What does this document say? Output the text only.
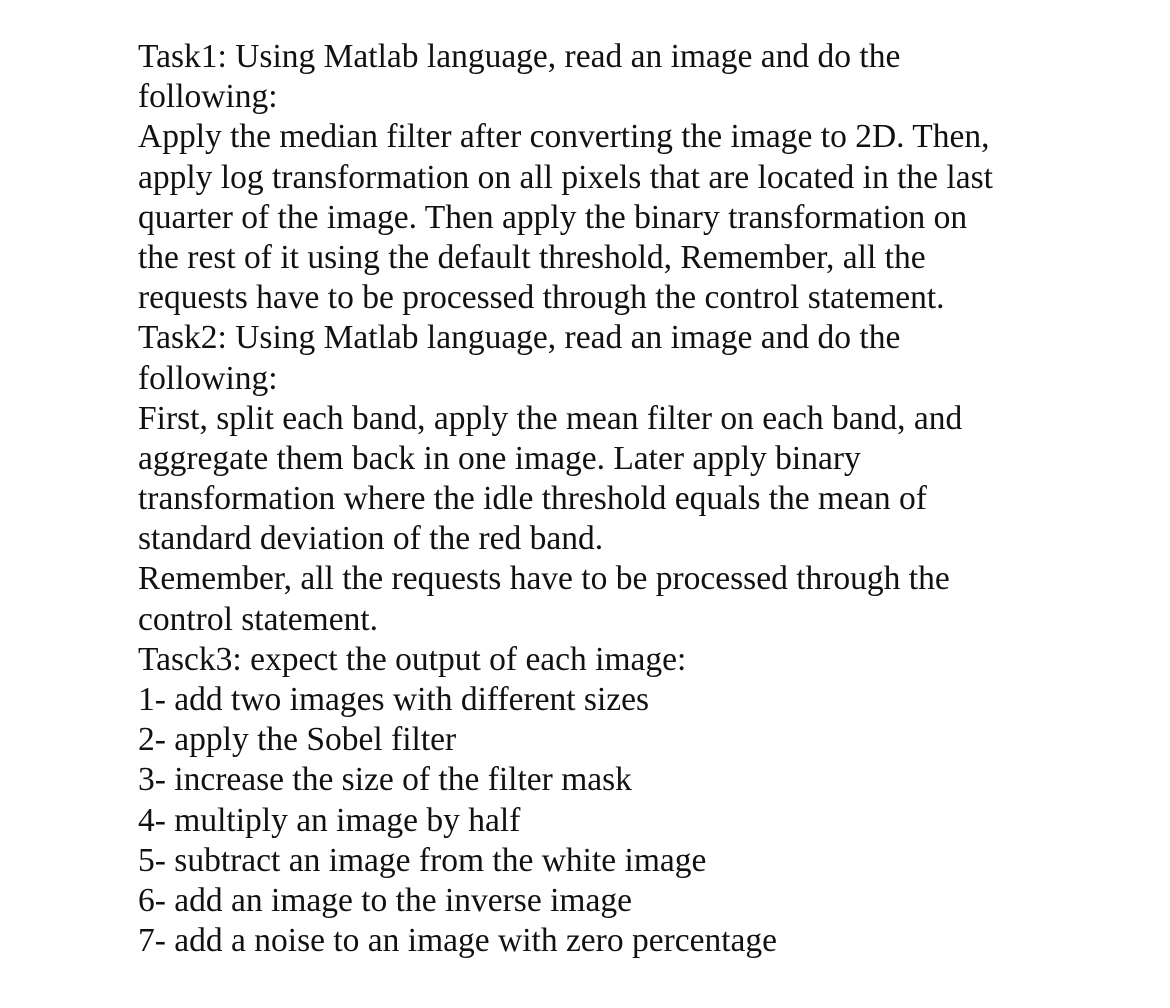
Task1: Using Matlab language, read an image and do the
following:
Apply the median filter after converting the image to 2D. Then,
apply log transformation on all pixels that are located in the last
quarter of the image. Then apply the binary transformation on
the rest of it using the default threshold, Remember, all the
requests have to be processed through the control statement.
Task2: Using Matlab language, read an image and do the
following:
First, split each band, apply the mean filter on each band, and
aggregate them back in one image. Later apply binary
transformation where the idle threshold equals the mean of
standard deviation of the red band.
Remember, all the requests have to be processed through the
control statement.
Tasck3: expect the output of each image:
1- add two images with different sizes
2- apply the Sobel filter
3- increase the size of the filter mask
4- multiply an image by half
5- subtract an image from the white image
6- add an image to the inverse image
7- add a noise to an image with zero percentage
